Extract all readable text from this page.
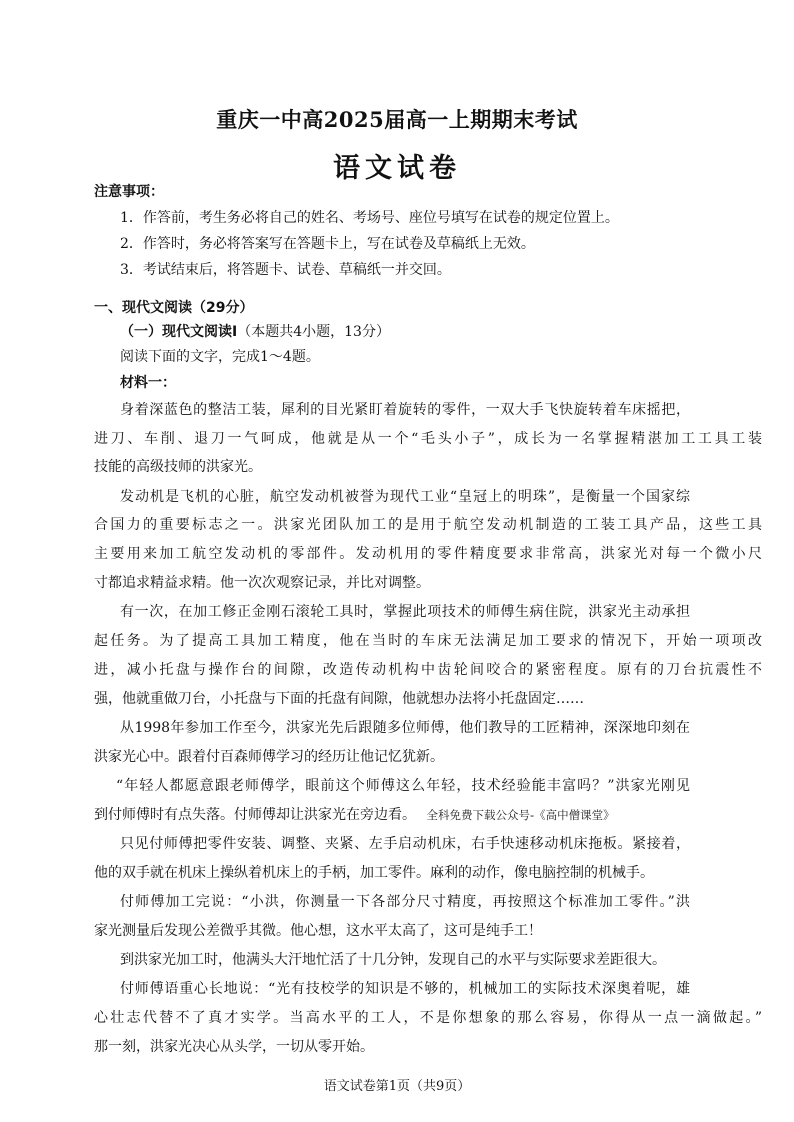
重庆一中高2025届高一上期期末考试
语文试卷
注意事项：
1．作答前，考生务必将自己的姓名、考场号、座位号填写在试卷的规定位置上。
2．作答时，务必将答案写在答题卡上，写在试卷及草稿纸上无效。
3．考试结束后，将答题卡、试卷、草稿纸一并交回。
一、现代文阅读（29分）
（一）现代文阅读Ⅰ（本题共4小题，13分）
阅读下面的文字，完成1～4题。
材料一：
身着深蓝色的整洁工装，犀利的目光紧盯着旋转的零件，一双大手飞快旋转着车床摇把，
进刀、车削、退刀一气呵成，他就是从一个“毛头小子”，成长为一名掌握精湛加工工具工装
技能的高级技师的洪家光。
发动机是飞机的心脏，航空发动机被誉为现代工业“皇冠上的明珠”，是衡量一个国家综
合国力的重要标志之一。洪家光团队加工的是用于航空发动机制造的工装工具产品，这些工具
主要用来加工航空发动机的零部件。发动机用的零件精度要求非常高，洪家光对每一个微小尺
寸都追求精益求精。他一次次观察记录，并比对调整。
有一次，在加工修正金刚石滚轮工具时，掌握此项技术的师傅生病住院，洪家光主动承担
起任务。为了提高工具加工精度，他在当时的车床无法满足加工要求的情况下，开始一项项改
进，减小托盘与操作台的间隙，改造传动机构中齿轮间咬合的紧密程度。原有的刀台抗震性不
强，他就重做刀台，小托盘与下面的托盘有间隙，他就想办法将小托盘固定……
从1998年参加工作至今，洪家光先后跟随多位师傅，他们教导的工匠精神，深深地印刻在
洪家光心中。跟着付百森师傅学习的经历让他记忆犹新。
“年轻人都愿意跟老师傅学，眼前这个师傅这么年轻，技术经验能丰富吗？”洪家光刚见
到付师傅时有点失落。付师傅却让洪家光在旁边看。 全科免费下载公众号-《高中僧课堂》
只见付师傅把零件安装、调整、夹紧、左手启动机床，右手快速移动机床拖板。紧接着，
他的双手就在机床上操纵着机床上的手柄，加工零件。麻利的动作，像电脑控制的机械手。
付师傅加工完说：“小洪，你测量一下各部分尺寸精度，再按照这个标准加工零件。”洪
家光测量后发现公差微乎其微。他心想，这水平太高了，这可是纯手工！
到洪家光加工时，他满头大汗地忙活了十几分钟，发现自己的水平与实际要求差距很大。
付师傅语重心长地说：“光有技校学的知识是不够的，机械加工的实际技术深奥着呢，雄
心壮志代替不了真才实学。当高水平的工人，不是你想象的那么容易，你得从一点一滴做起。”
那一刻，洪家光决心从头学，一切从零开始。
语文试卷第1页（共9页）
